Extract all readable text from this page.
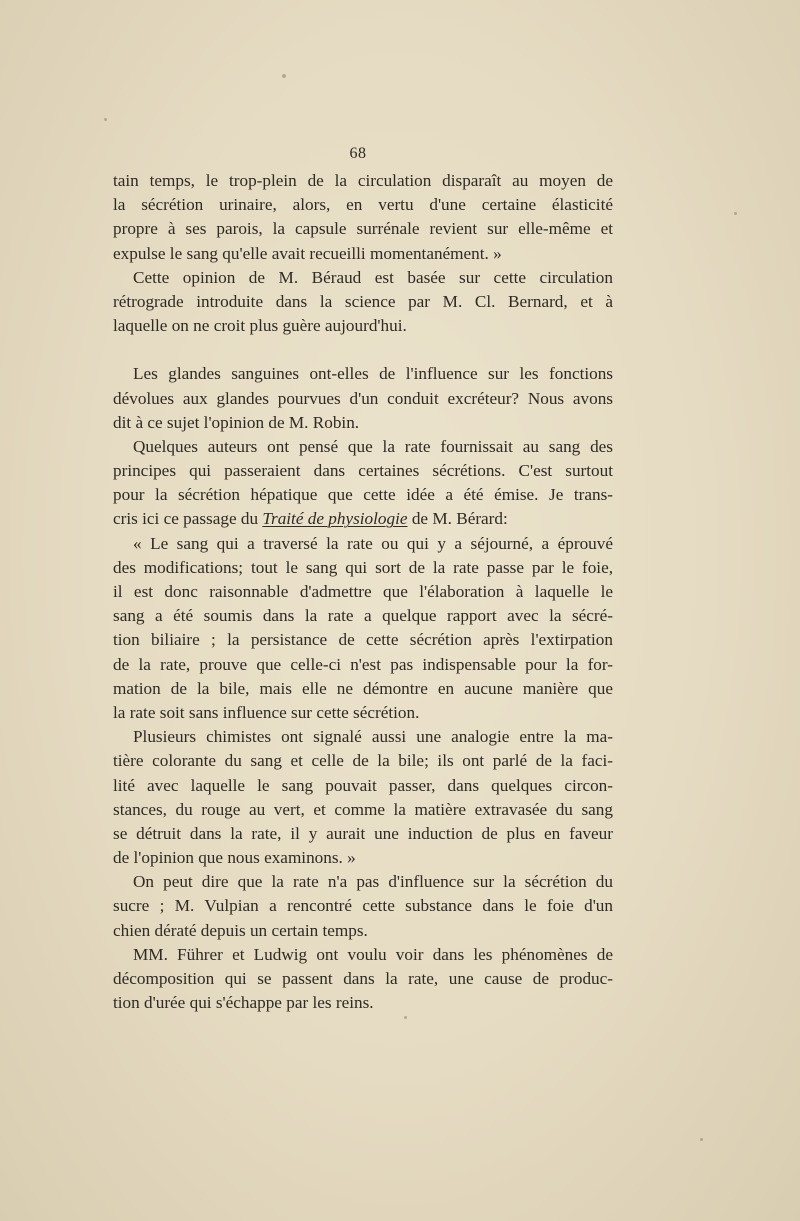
68
tain temps, le trop-plein de la circulation disparaît au moyen de
la sécrétion urinaire, alors, en vertu d'une certaine élasticité
propre à ses parois, la capsule surrénale revient sur elle-même et
expulse le sang qu'elle avait recueilli momentanément. »
Cette opinion de M. Béraud est basée sur cette circulation
rétrograde introduite dans la science par M. Cl. Bernard, et à
laquelle on ne croit plus guère aujourd'hui.
Les glandes sanguines ont-elles de l'influence sur les fonctions
dévolues aux glandes pourvues d'un conduit excréteur? Nous avons
dit à ce sujet l'opinion de M. Robin.
Quelques auteurs ont pensé que la rate fournissait au sang des
principes qui passeraient dans certaines sécrétions. C'est surtout
pour la sécrétion hépatique que cette idée a été émise. Je trans-
cris ici ce passage du Traité de physiologie de M. Bérard:
« Le sang qui a traversé la rate ou qui y a séjourné, a éprouvé
des modifications; tout le sang qui sort de la rate passe par le foie,
il est donc raisonnable d'admettre que l'élaboration à laquelle le
sang a été soumis dans la rate a quelque rapport avec la sécré-
tion biliaire ; la persistance de cette sécrétion après l'extirpation
de la rate, prouve que celle-ci n'est pas indispensable pour la for-
mation de la bile, mais elle ne démontre en aucune manière que
la rate soit sans influence sur cette sécrétion.
Plusieurs chimistes ont signalé aussi une analogie entre la ma-
tière colorante du sang et celle de la bile; ils ont parlé de la faci-
lité avec laquelle le sang pouvait passer, dans quelques circon-
stances, du rouge au vert, et comme la matière extravasée du sang
se détruit dans la rate, il y aurait une induction de plus en faveur
de l'opinion que nous examinons. »
On peut dire que la rate n'a pas d'influence sur la sécrétion du
sucre ; M. Vulpian a rencontré cette substance dans le foie d'un
chien dératé depuis un certain temps.
MM. Führer et Ludwig ont voulu voir dans les phénomènes de
décomposition qui se passent dans la rate, une cause de produc-
tion d'urée qui s'échappe par les reins.
